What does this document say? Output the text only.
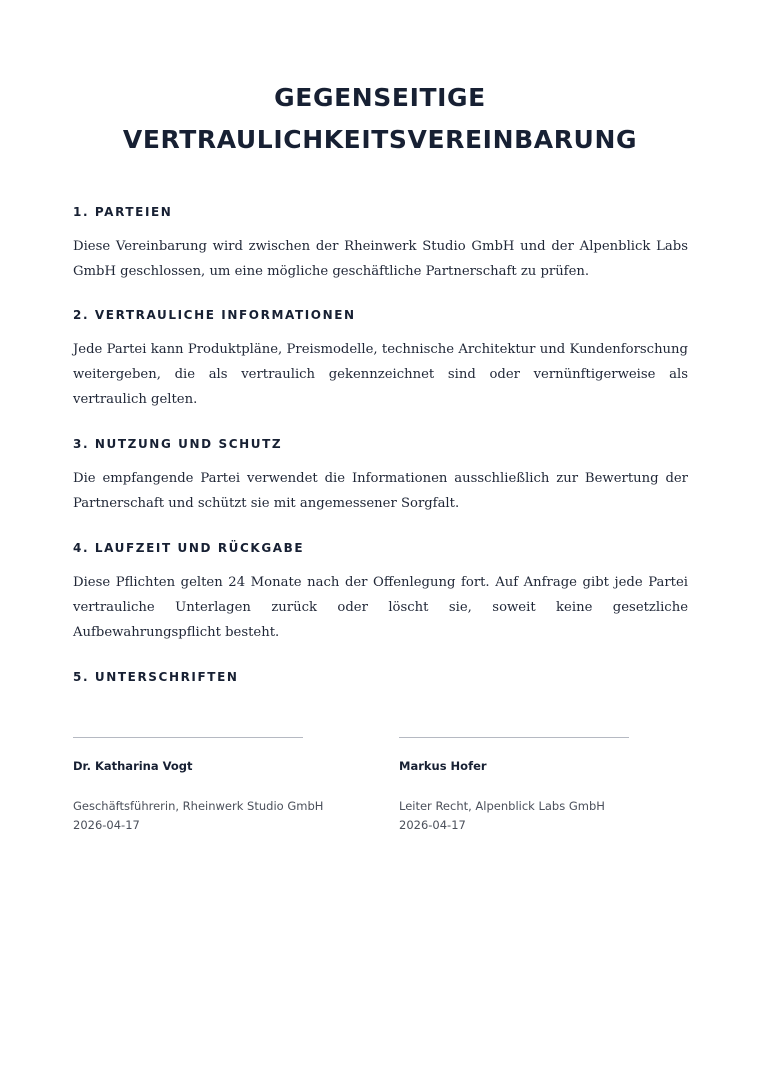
GEGENSEITIGE
VERTRAULICHKEITSVEREINBARUNG
1. PARTEIEN

Diese Vereinbarung wird zwischen der Rheinwerk Studio GmbH und der Alpenblick Labs GmbH geschlossen, um eine mögliche geschäftliche Partnerschaft zu prüfen.

2. VERTRAULICHE INFORMATIONEN

Jede Partei kann Produktpläne, Preismodelle, technische Architektur und Kundenforschung weitergeben, die als vertraulich gekennzeichnet sind oder vernünftigerweise als vertraulich gelten.

3. NUTZUNG UND SCHUTZ

Die empfangende Partei verwendet die Informationen ausschließlich zur Bewertung der Partnerschaft und schützt sie mit angemessener Sorgfalt.

4. LAUFZEIT UND RÜCKGABE

Diese Pflichten gelten 24 Monate nach der Offenlegung fort. Auf Anfrage gibt jede Partei vertrauliche Unterlagen zurück oder löscht sie, soweit keine gesetzliche Aufbewahrungspflicht besteht.

5. UNTERSCHRIFTEN

Dr. Katharina Vogt

Geschäftsführerin, Rheinwerk Studio GmbH

2026-04-17

Markus Hofer

Leiter Recht, Alpenblick Labs GmbH

2026-04-17
